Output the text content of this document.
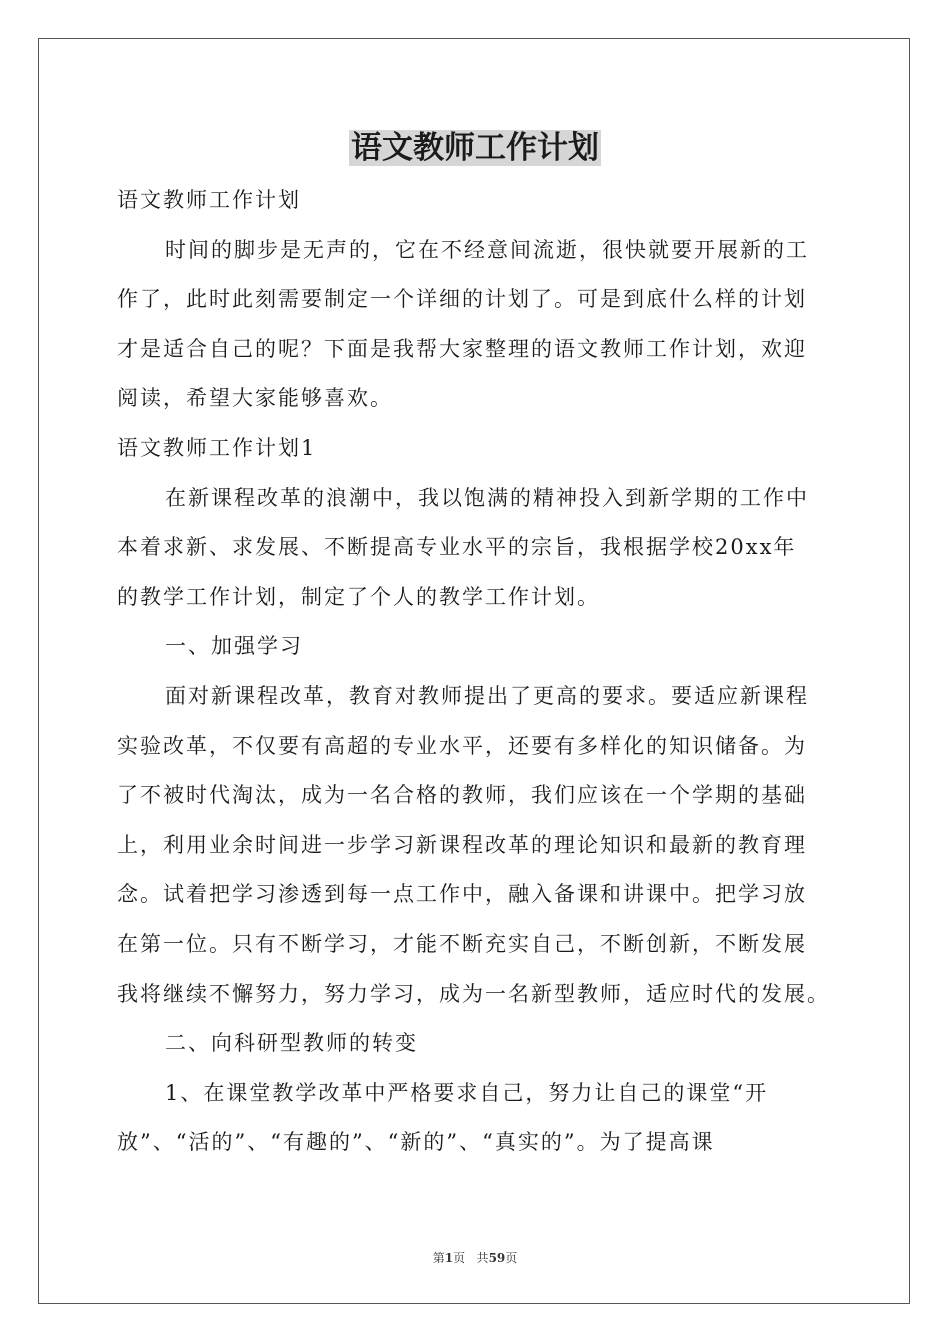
语文教师工作计划
语文教师工作计划
时间的脚步是无声的，它在不经意间流逝，很快就要开展新的工
作了，此时此刻需要制定一个详细的计划了。可是到底什么样的计划
才是适合自己的呢？下面是我帮大家整理的语文教师工作计划，欢迎
阅读，希望大家能够喜欢。
语文教师工作计划1
在新课程改革的浪潮中，我以饱满的精神投入到新学期的工作中
本着求新、求发展、不断提高专业水平的宗旨，我根据学校20xx年
的教学工作计划，制定了个人的教学工作计划。
一、加强学习
面对新课程改革，教育对教师提出了更高的要求。要适应新课程
实验改革，不仅要有高超的专业水平，还要有多样化的知识储备。为
了不被时代淘汰，成为一名合格的教师，我们应该在一个学期的基础
上，利用业余时间进一步学习新课程改革的理论知识和最新的教育理
念。试着把学习渗透到每一点工作中，融入备课和讲课中。把学习放
在第一位。只有不断学习，才能不断充实自己，不断创新，不断发展
我将继续不懈努力，努力学习，成为一名新型教师，适应时代的发展。
二、向科研型教师的转变
1、在课堂教学改革中严格要求自己，努力让自己的课堂“开
放”、“活的”、“有趣的”、“新的”、“真实的”。为了提高课
第1页 共59页
